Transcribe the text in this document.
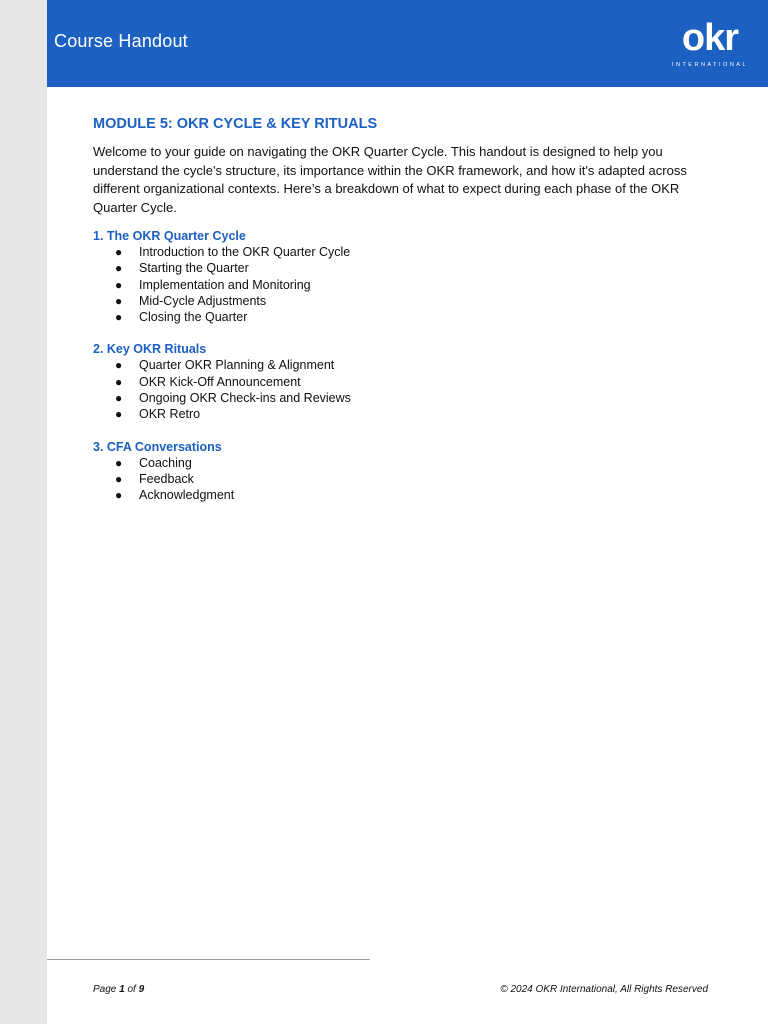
Course Handout	okr
INTERNATIONAL
MODULE 5: OKR CYCLE & KEY RITUALS

Welcome to your guide on navigating the OKR Quarter Cycle. This handout is designed to help you understand the cycle's structure, its importance within the OKR framework, and how it's adapted across different organizational contexts. Here’s a breakdown of what to expect during each phase of the OKR Quarter Cycle.

1. The OKR Quarter Cycle
● Introduction to the OKR Quarter Cycle
● Starting the Quarter
● Implementation and Monitoring
● Mid-Cycle Adjustments
● Closing the Quarter
2. Key OKR Rituals
● Quarter OKR Planning & Alignment
● OKR Kick-Off Announcement
● Ongoing OKR Check-ins and Reviews
● OKR Retro
3. CFA Conversations
● Coaching
● Feedback
● Acknowledgment
Page 1 of 9	© 2024 OKR International, All Rights Reserved
